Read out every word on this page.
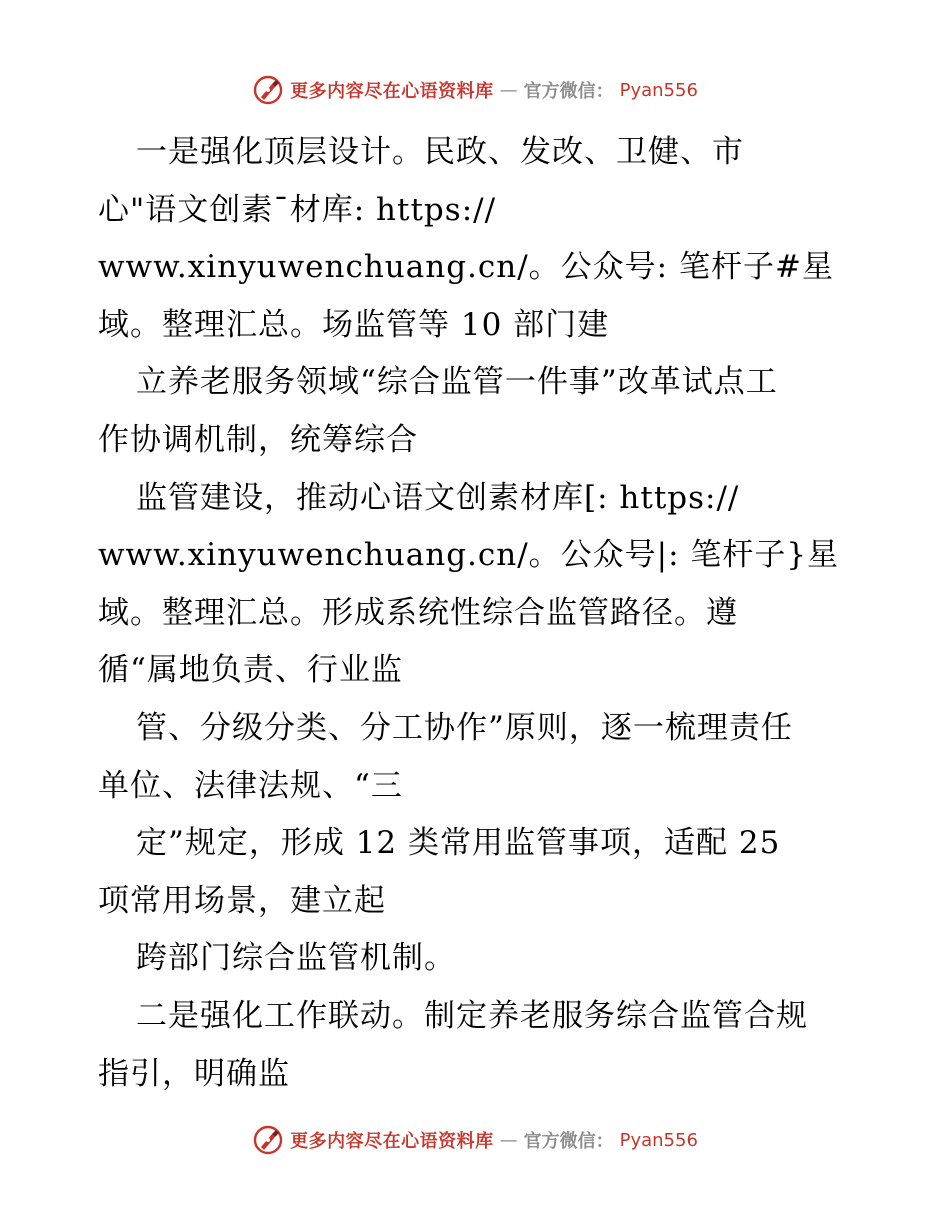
更多内容尽在心语资料库 — 官方微信： Pyan556
一是强化顶层设计。民政、发改、卫健、市
心"语文创素¯材库: https://
www.xinyuwenchuang.cn/。公众号: 笔杆子#星
域。整理汇总。场监管等 10 部门建
立养老服务领域“综合监管一件事”改革试点工
作协调机制，统筹综合
监管建设，推动心语文创素材库[: https://
www.xinyuwenchuang.cn/。公众号|: 笔杆子}星
域。整理汇总。形成系统性综合监管路径。遵
循“属地负责、行业监
管、分级分类、分工协作”原则，逐一梳理责任
单位、法律法规、“三
定”规定，形成 12 类常用监管事项，适配 25
项常用场景，建立起
跨部门综合监管机制。
二是强化工作联动。制定养老服务综合监管合规
指引，明确监
更多内容尽在心语资料库 — 官方微信： Pyan556
